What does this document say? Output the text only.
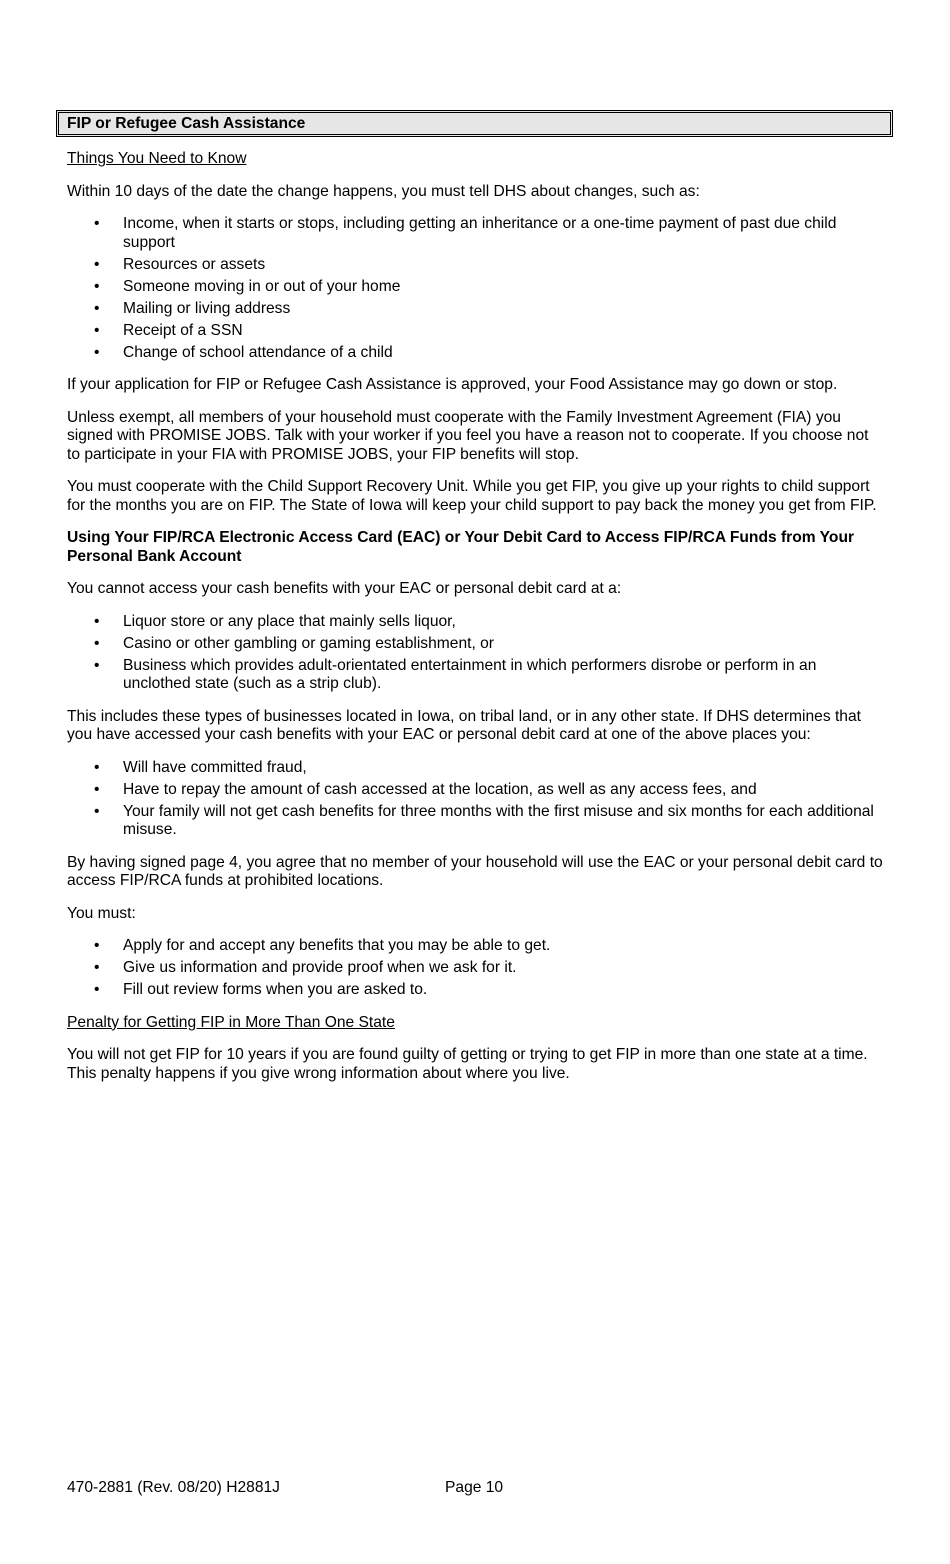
FIP or Refugee Cash Assistance

Things You Need to Know

Within 10 days of the date the change happens, you must tell DHS about changes, such as:

• Income, when it starts or stops, including getting an inheritance or a one-time payment of past due child support
• Resources or assets
• Someone moving in or out of your home
• Mailing or living address
• Receipt of a SSN
• Change of school attendance of a child

If your application for FIP or Refugee Cash Assistance is approved, your Food Assistance may go down or stop.

Unless exempt, all members of your household must cooperate with the Family Investment Agreement (FIA) you signed with PROMISE JOBS. Talk with your worker if you feel you have a reason not to cooperate. If you choose not to participate in your FIA with PROMISE JOBS, your FIP benefits will stop.

You must cooperate with the Child Support Recovery Unit. While you get FIP, you give up your rights to child support for the months you are on FIP. The State of Iowa will keep your child support to pay back the money you get from FIP.

Using Your FIP/RCA Electronic Access Card (EAC) or Your Debit Card to Access FIP/RCA Funds from Your Personal Bank Account

You cannot access your cash benefits with your EAC or personal debit card at a:

• Liquor store or any place that mainly sells liquor,
• Casino or other gambling or gaming establishment, or
• Business which provides adult-orientated entertainment in which performers disrobe or perform in an unclothed state (such as a strip club).

This includes these types of businesses located in Iowa, on tribal land, or in any other state. If DHS determines that you have accessed your cash benefits with your EAC or personal debit card at one of the above places you:

• Will have committed fraud,
• Have to repay the amount of cash accessed at the location, as well as any access fees, and
• Your family will not get cash benefits for three months with the first misuse and six months for each additional misuse.

By having signed page 4, you agree that no member of your household will use the EAC or your personal debit card to access FIP/RCA funds at prohibited locations.

You must:

• Apply for and accept any benefits that you may be able to get.
• Give us information and provide proof when we ask for it.
• Fill out review forms when you are asked to.

Penalty for Getting FIP in More Than One State

You will not get FIP for 10 years if you are found guilty of getting or trying to get FIP in more than one state at a time. This penalty happens if you give wrong information about where you live.

470-2881 (Rev. 08/20) H2881J	Page 10
